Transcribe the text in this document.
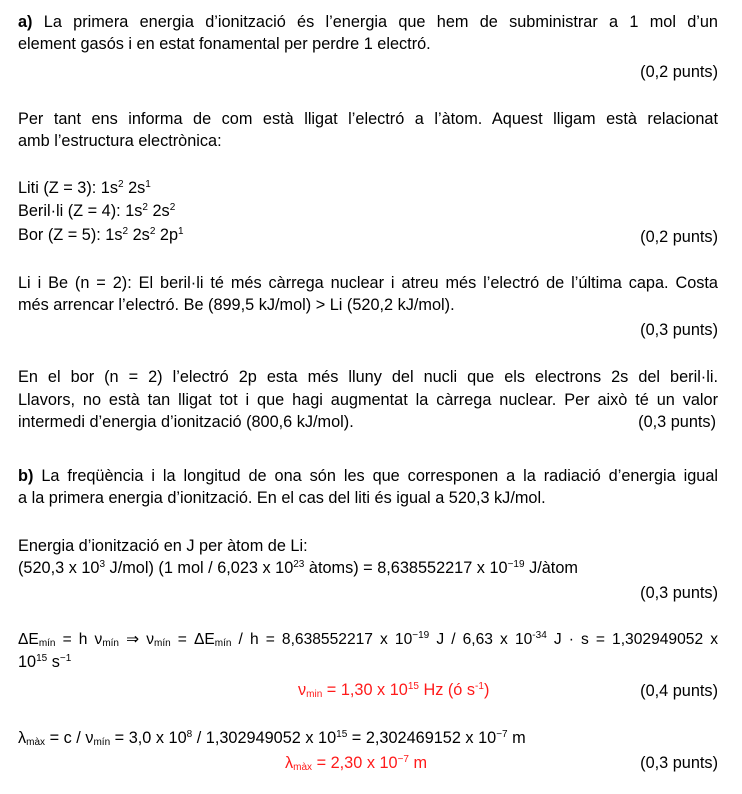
a) La primera energia d’ionització és l’energia que hem de subministrar a 1 mol d’un
element gasós i en estat fonamental per perdre 1 electró.
(0,2 punts)
Per tant ens informa de com està lligat l’electró a l’àtom. Aquest lligam està relacionat
amb l’estructura electrònica:
Liti (Z = 3): $1s^2$ $2s^1$
Beril·li (Z = 4): $1s^2$ $2s^2$
Bor (Z = 5): $1s^2$ $2s^2$ $2p^1$	(0,2 punts)
Li i Be (n = 2): El beril·li té més càrrega nuclear i atreu més l’electró de l’última capa. Costa
més arrencar l’electró. Be (899,5 kJ/mol) > Li (520,2 kJ/mol).
(0,3 punts)
En el bor (n = 2) l’electró 2p esta més lluny del nucli que els electrons 2s del beril·li.
Llavors, no està tan lligat tot i que hagi augmentat la càrrega nuclear. Per això té un valor
intermedi d’energia d’ionització (800,6 kJ/mol).	(0,3 punts)
b) La freqüència i la longitud de ona són les que corresponen a la radiació d’energia igual
a la primera energia d’ionització. En el cas del liti és igual a 520,3 kJ/mol.
Energia d’ionització en J per àtom de Li:
(520,3 x $10^3$ J/mol) (1 mol / 6,023 x $10^{23}$ àtoms) = 8,638552217 x $10^{-19}$ J/àtom
(0,3 punts)
$\Delta E_{mín} = h$ $\nu_{mín}$ ⇒ $\nu_{mín} = \Delta E_{mín} / h = 8,638552217$ x $10^{-19}$ J / 6,63 x $10^{-34}$ J · s = 1,302949052 x
$10^{15}$ $s^{-1}$
$\nu_{min} = 1,30$ x $10^{15}$ Hz (ó $s^{-1}$)	(0,4 punts)
$\lambda_{màx} = c / \nu_{mín} = 3,0$ x $10^8 / 1,302949052$ x $10^{15} = 2,302469152$ x $10^{-7}$ m
$\lambda_{màx} = 2,30$ x $10^{-7}$ m	(0,3 punts)
